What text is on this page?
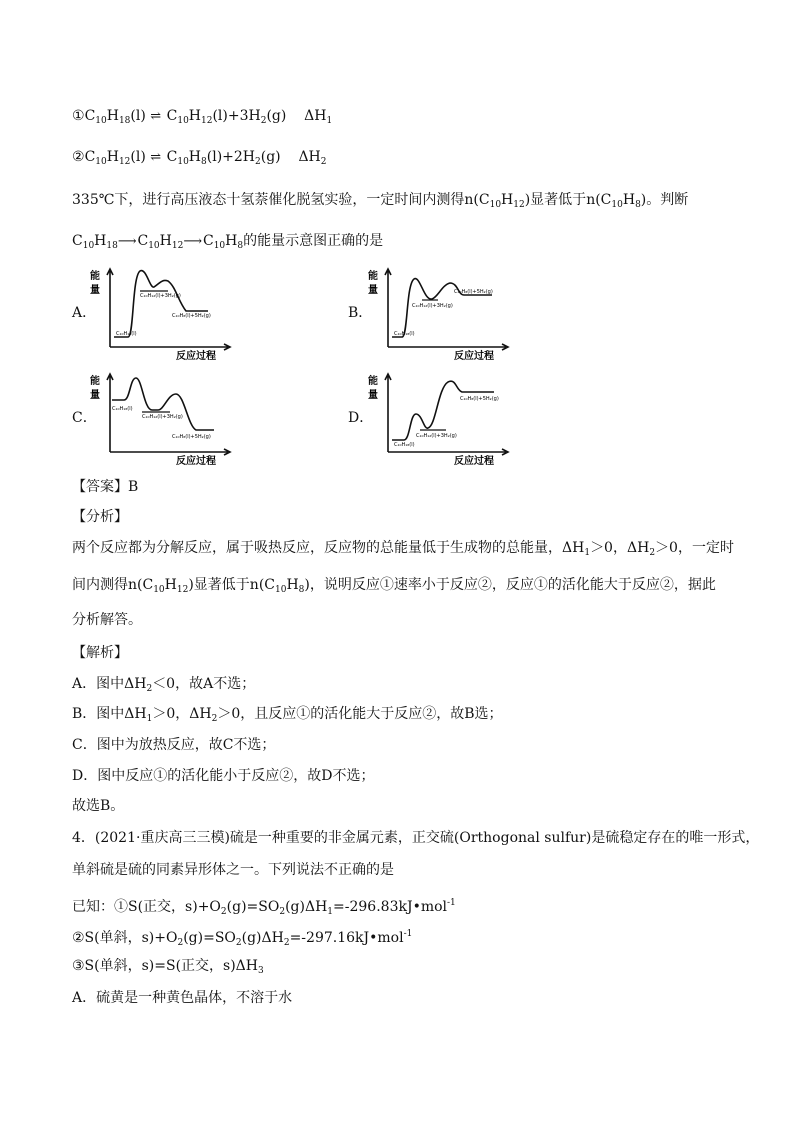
$①C_{10}H_{18}(l)$ ⇌ $C_{10}H_{12}(l)+3H_2(g)$ $\Delta H_1$
$②C_{10}H_{12}(l)$ ⇌ $C_{10}H_8(l)+2H_2(g)$ $\Delta H_2$
335℃下，进行高压液态十氢萘催化脱氢实验，一定时间内测得$n(C_{10}H_{12})$显著低于$n(C_{10}H_8)$。判断
$C_{10}H_{18}⟶C_{10}H_{12}⟶C_{10}H_8$的能量示意图正确的是
A．	B．
C．	D．
能
量
C₁₀H₁₈(l)
C₁₀H₁₂(l)+3H₂(g)
C₁₀H₈(l)+5H₂(g)
反应过程
能
量
C₁₀H₁₈(l)
C₁₀H₁₂(l)+3H₂(g)
C₁₀H₈(l)+5H₂(g)
反应过程
能
量
C₁₀H₁₈(l)
C₁₀H₁₂(l)+3H₂(g)
C₁₀H₈(l)+5H₂(g)
反应过程
能
量
C₁₀H₁₈(l)
C₁₀H₁₂(l)+3H₂(g)
C₁₀H₈(l)+5H₂(g)
反应过程
【答案】B
【分析】
两个反应都为分解反应，属于吸热反应，反应物的总能量低于生成物的总能量，$\Delta H_1>0$，$\Delta H_2>0$，一定时
间内测得$n(C_{10}H_{12})$显著低于$n(C_{10}H_8)$，说明反应①速率小于反应②，反应①的活化能大于反应②，据此
分析解答。
【解析】
A．图中$\Delta H_2<0$，故A不选；
B．图中$\Delta H_1>0$，$\Delta H_2>0$，且反应①的活化能大于反应②，故B选；
C．图中为放热反应，故C不选；
D．图中反应①的活化能小于反应②，故D不选；
故选B。
4．(2021·重庆高三三模)硫是一种重要的非金属元素，正交硫(Orthogonal sulfur)是硫稳定存在的唯一形式，
单斜硫是硫的同素异形体之一。下列说法不正确的是
已知：①S(正交，$s)+O_2(g)=SO_2(g)\Delta H_1=-296.83kJ•mol^{-1}$
②S(单斜，$s)+O_2(g)=SO_2(g)\Delta H_2=-297.16kJ•mol^{-1}$
③S(单斜，s)=S(正交，$s)\Delta H_3$
A．硫黄是一种黄色晶体，不溶于水
